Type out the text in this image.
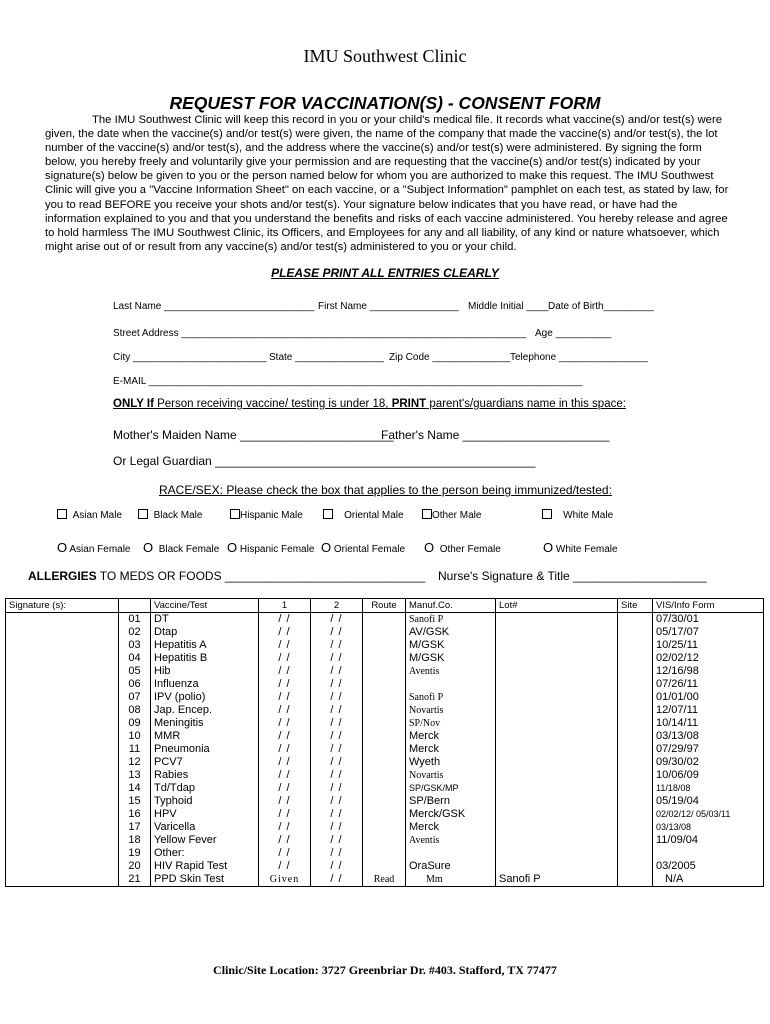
IMU Southwest Clinic
REQUEST FOR VACCINATION(S) - CONSENT FORM

The IMU Southwest Clinic will keep this record in you or your child's medical file. It records what vaccine(s) and/or test(s) were given, the date when the vaccine(s) and/or test(s) were given, the name of the company that made the vaccine(s) and/or test(s), the lot number of the vaccine(s) and/or test(s), and the address where the vaccine(s) and/or test(s) were administered. By signing the form below, you hereby freely and voluntarily give your permission and are requesting that the vaccine(s) and/or test(s) indicated by your signature(s) below be given to you or the person named below for whom you are authorized to make this request. The IMU Southwest Clinic will give you a "Vaccine Information Sheet" on each vaccine, or a "Subject Information" pamphlet on each test, as stated by law, for you to read BEFORE you receive your shots and/or test(s). Your signature below indicates that you have read, or have had the information explained to you and that you understand the benefits and risks of each vaccine administered. You hereby release and agree to hold harmless The IMU Southwest Clinic, its Officers, and Employees for any and all liability, of any kind or nature whatsoever, which might arise out of or result from any vaccine(s) and/or test(s) administered to you or your child.

PLEASE PRINT ALL ENTRIES CLEARLY
Last Name ___________________________ First Name ________________ Middle Initial ____ Date of Birth_________
Street Address ______________________________________________________________ Age __________
City ________________________ State ________________ Zip Code ______________ Telephone ________________
E-MAIL ______________________________________________________________________________
ONLY If Person receiving vaccine/ testing is under 18, PRINT parent's/guardians name in this space:
Mother's Maiden Name _______________________
Father's Name ______________________
Or Legal Guardian ________________________________________________
RACE/SEX: Please check the box that applies to the person being immunized/tested:
Asian Male	Black Male	Hispanic Male	Oriental Male	Other Male	White Male
O Asian Female O Black Female O Hispanic Female O Oriental Female O Other Female	O White Female
ALLERGIES TO MEDS OR FOODS ______________________________ Nurse's Signature & Title ____________________
Signature (s):		Vaccine/Test	1	2	Route	Manuf.Co.	Lot#	Site	VIS/Info Form
	01	DT	/ /	/ /		Sanofi P			07/30/01
	02	Dtap	/ /	/ /		AV/GSK			05/17/07
	03	Hepatitis A	/ /	/ /		M/GSK			10/25/11
	04	Hepatitis B	/ /	/ /		M/GSK			02/02/12
	05	Hib	/ /	/ /		Aventis			12/16/98
	06	Influenza	/ /	/ /					07/26/11
	07	IPV (polio)	/ /	/ /		Sanofi P			01/01/00
	08	Jap. Encep.	/ /	/ /		Novartis			12/07/11
	09	Meningitis	/ /	/ /		SP/Nov			10/14/11
	10	MMR	/ /	/ /		Merck			03/13/08
	11	Pneumonia	/ /	/ /		Merck			07/29/97
	12	PCV7	/ /	/ /		Wyeth			09/30/02
	13	Rabies	/ /	/ /		Novartis			10/06/09
	14	Td/Tdap	/ /	/ /		SP/GSK/MP			11/18/08
	15	Typhoid	/ /	/ /		SP/Bern			05/19/04
	16	HPV	/ /	/ /		Merck/GSK			02/02/12/ 05/03/11
	17	Varicella	/ /	/ /		Merck			03/13/08
	18	Yellow Fever	/ /	/ /		Aventis			11/09/04
	19	Other:	/ /	/ /					
	20	HIV Rapid Test	/ /	/ /		OraSure			03/2005
	21	PPD Skin Test	Given	/ /	Read	Mm	Sanofi P		N/A
Clinic/Site Location: 3727 Greenbriar Dr. #403. Stafford, TX 77477
